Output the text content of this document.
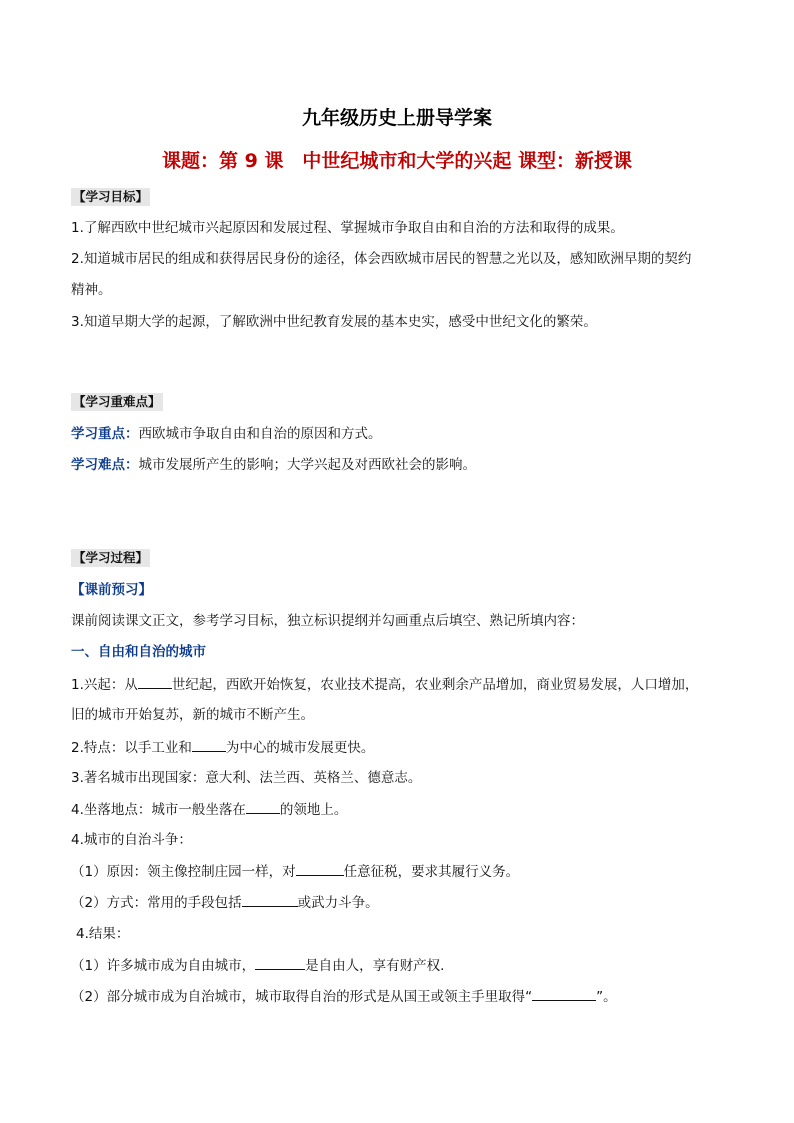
九年级历史上册导学案
课题：第 9 课　中世纪城市和大学的兴起 课型：新授课
【学习目标】
1.了解西欧中世纪城市兴起原因和发展过程、掌握城市争取自由和自治的方法和取得的成果。
2.知道城市居民的组成和获得居民身份的途径，体会西欧城市居民的智慧之光以及，感知欧洲早期的契约
精神。
3.知道早期大学的起源，了解欧洲中世纪教育发展的基本史实，感受中世纪文化的繁荣。
【学习重难点】
学习重点：西欧城市争取自由和自治的原因和方式。
学习难点：城市发展所产生的影响；大学兴起及对西欧社会的影响。
【学习过程】
【课前预习】
课前阅读课文正文，参考学习目标，独立标识提纲并勾画重点后填空、熟记所填内容：
一、自由和自治的城市
1.兴起：从	世纪起，西欧开始恢复，农业技术提高，农业剩余产品增加，商业贸易发展，人口增加，
旧的城市开始复苏，新的城市不断产生。
2.特点：以手工业和	为中心的城市发展更快。
3.著名城市出现国家：意大利、法兰西、英格兰、德意志。
4.坐落地点：城市一般坐落在	的领地上。
4.城市的自治斗争：
（1）原因：领主像控制庄园一样，对	任意征税，要求其履行义务。
（2）方式：常用的手段包括	或武力斗争。
4.结果：
（1）许多城市成为自由城市，	是自由人，享有财产权.
（2）部分城市成为自治城市，城市取得自治的形式是从国王或领主手里取得“	”。
